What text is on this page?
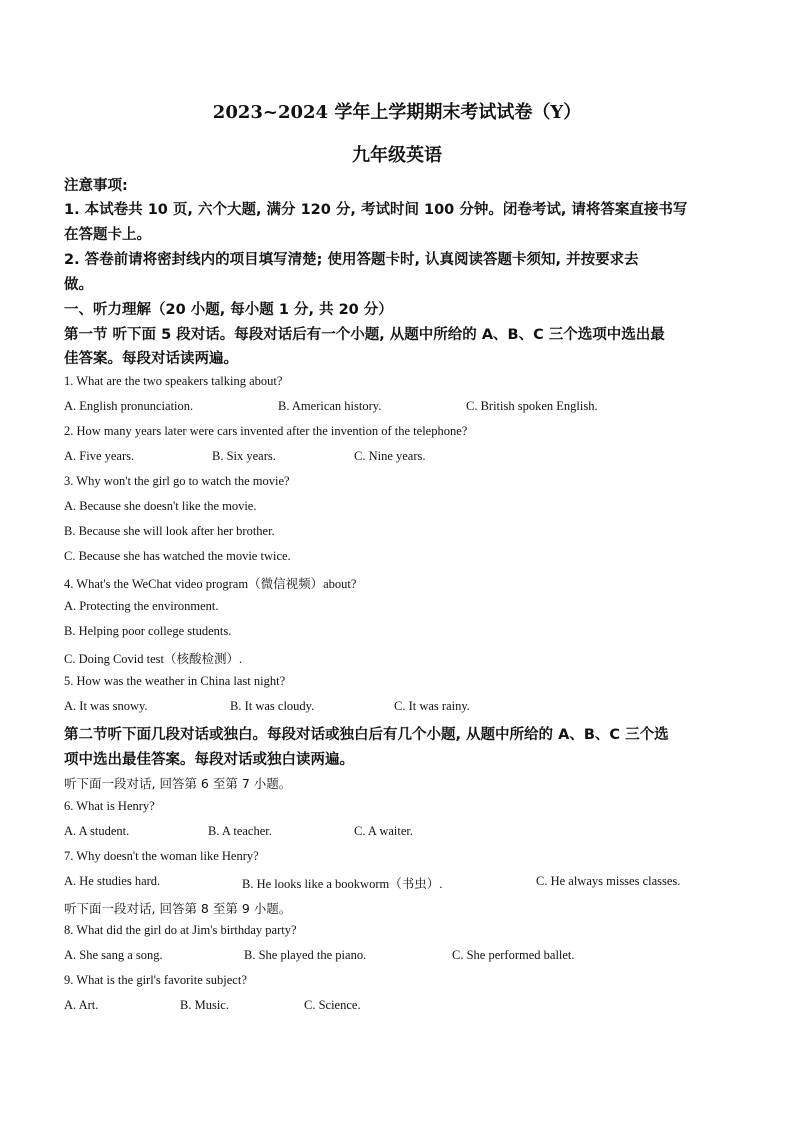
2023~2024 学年上学期期末考试试卷（Y）
九年级英语
注意事项:
1. 本试卷共 10 页, 六个大题, 满分 120 分, 考试时间 100 分钟。闭卷考试, 请将答案直接书写
在答题卡上。
2. 答卷前请将密封线内的项目填写清楚; 使用答题卡时, 认真阅读答题卡须知, 并按要求去
做。
一、听力理解（20 小题, 每小题 1 分, 共 20 分）
第一节 听下面 5 段对话。每段对话后有一个小题, 从题中所给的 A、B、C 三个选项中选出最
佳答案。每段对话读两遍。
1. What are the two speakers talking about?
A. English pronunciation.	B. American history.	C. British spoken English.
2. How many years later were cars invented after the invention of the telephone?
A. Five years.	B. Six years.	C. Nine years.
3. Why won't the girl go to watch the movie?
A. Because she doesn't like the movie.
B. Because she will look after her brother.
C. Because she has watched the movie twice.
4. What's the WeChat video program（微信视频）about?
A. Protecting the environment.
B. Helping poor college students.
C. Doing Covid test（核酸检测）.
5. How was the weather in China last night?
A. It was snowy.	B. It was cloudy.	C. It was rainy.
第二节听下面几段对话或独白。每段对话或独白后有几个小题, 从题中所给的 A、B、C 三个选
项中选出最佳答案。每段对话或独白读两遍。
听下面一段对话, 回答第 6 至第 7 小题。
6. What is Henry?
A. A student.	B. A teacher.	C. A waiter.
7. Why doesn't the woman like Henry?
A. He studies hard.	B. He looks like a bookworm（书虫）.	C. He always misses classes.
听下面一段对话, 回答第 8 至第 9 小题。
8. What did the girl do at Jim's birthday party?
A. She sang a song.	B. She played the piano.	C. She performed ballet.
9. What is the girl's favorite subject?
A. Art.	B. Music.	C. Science.
